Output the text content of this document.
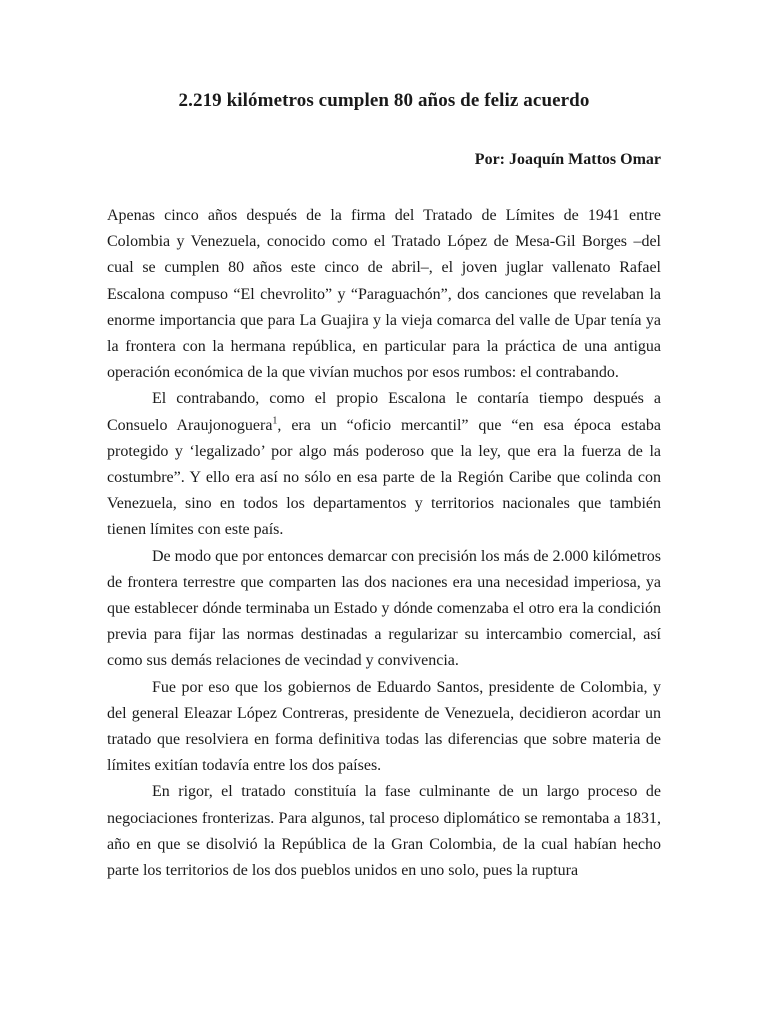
2.219 kilómetros cumplen 80 años de feliz acuerdo
Por: Joaquín Mattos Omar

Apenas cinco años después de la firma del Tratado de Límites de 1941 entre Colombia y Venezuela, conocido como el Tratado López de Mesa-Gil Borges –del cual se cumplen 80 años este cinco de abril–, el joven juglar vallenato Rafael Escalona compuso “El chevrolito” y “Paraguachón”, dos canciones que revelaban la enorme importancia que para La Guajira y la vieja comarca del valle de Upar tenía ya la frontera con la hermana república, en particular para la práctica de una antigua operación económica de la que vivían muchos por esos rumbos: el contrabando.

El contrabando, como el propio Escalona le contaría tiempo después a Consuelo Araujonoguera$^1$, era un “oficio mercantil” que “en esa época estaba protegido y ‘legalizado’ por algo más poderoso que la ley, que era la fuerza de la costumbre”. Y ello era así no sólo en esa parte de la Región Caribe que colinda con Venezuela, sino en todos los departamentos y territorios nacionales que también tienen límites con este país.

De modo que por entonces demarcar con precisión los más de 2.000 kilómetros de frontera terrestre que comparten las dos naciones era una necesidad imperiosa, ya que establecer dónde terminaba un Estado y dónde comenzaba el otro era la condición previa para fijar las normas destinadas a regularizar su intercambio comercial, así como sus demás relaciones de vecindad y convivencia.

Fue por eso que los gobiernos de Eduardo Santos, presidente de Colombia, y del general Eleazar López Contreras, presidente de Venezuela, decidieron acordar un tratado que resolviera en forma definitiva todas las diferencias que sobre materia de límites exitían todavía entre los dos países.

En rigor, el tratado constituía la fase culminante de un largo proceso de negociaciones fronterizas. Para algunos, tal proceso diplomático se remontaba a 1831, año en que se disolvió la República de la Gran Colombia, de la cual habían hecho parte los territorios de los dos pueblos unidos en uno solo, pues la ruptura
